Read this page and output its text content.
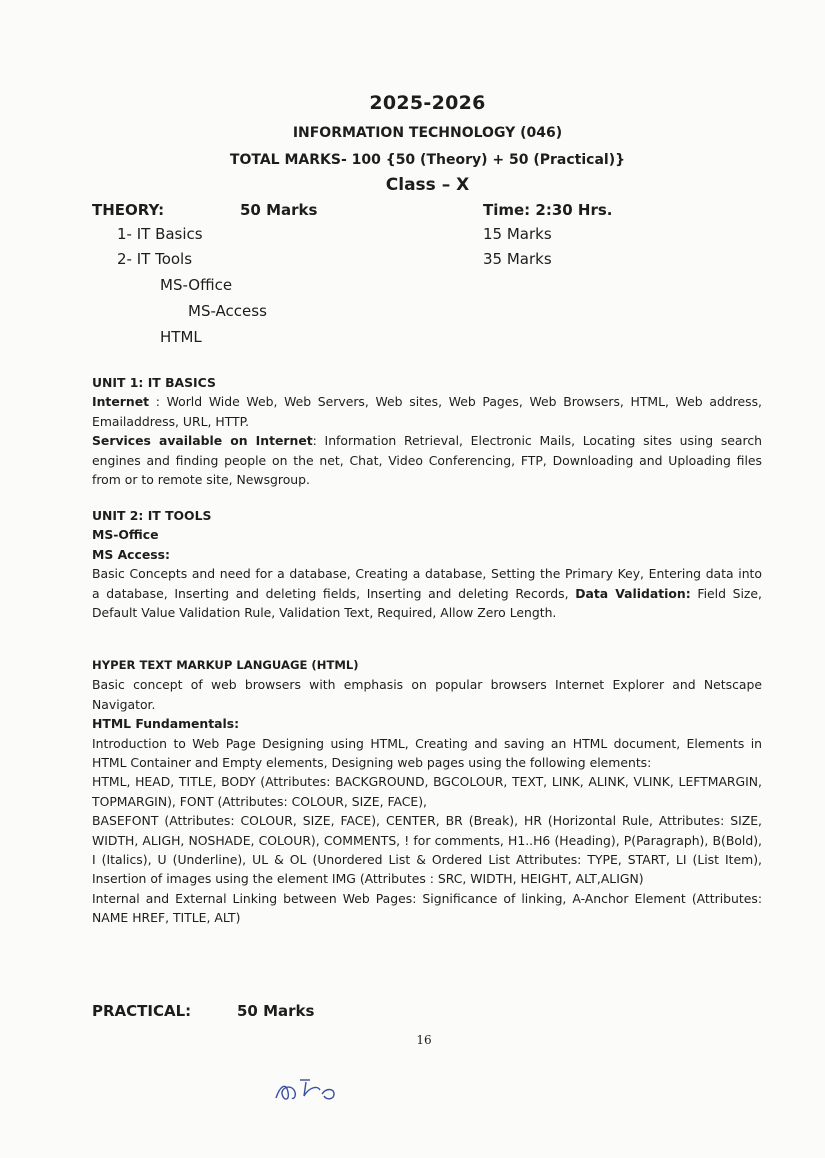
2025-2026
INFORMATION TECHNOLOGY (046)
TOTAL MARKS- 100 {50 (Theory) + 50 (Practical)}
Class – X
THEORY:	50 Marks	Time: 2:30 Hrs.
1- IT Basics	15 Marks
2- IT Tools	35 Marks
MS-Office
MS-Access
HTML

UNIT 1: IT BASICS

Internet : World Wide Web, Web Servers, Web sites, Web Pages, Web Browsers, HTML, Web address, Emailaddress, URL, HTTP.

Services available on Internet: Information Retrieval, Electronic Mails, Locating sites using search engines and finding people on the net, Chat, Video Conferencing, FTP, Downloading and Uploading files from or to remote site, Newsgroup.

UNIT 2: IT TOOLS

MS-Office

MS Access:

Basic Concepts and need for a database, Creating a database, Setting the Primary Key, Entering data into a database, Inserting and deleting fields, Inserting and deleting Records, Data Validation: Field Size, Default Value Validation Rule, Validation Text, Required, Allow Zero Length.

HYPER TEXT MARKUP LANGUAGE (HTML)

Basic concept of web browsers with emphasis on popular browsers Internet Explorer and Netscape Navigator.

HTML Fundamentals:

Introduction to Web Page Designing using HTML, Creating and saving an HTML document, Elements in HTML Container and Empty elements, Designing web pages using the following elements:

HTML, HEAD, TITLE, BODY (Attributes: BACKGROUND, BGCOLOUR, TEXT, LINK, ALINK, VLINK, LEFTMARGIN, TOPMARGIN), FONT (Attributes: COLOUR, SIZE, FACE),

BASEFONT (Attributes: COLOUR, SIZE, FACE), CENTER, BR (Break), HR (Horizontal Rule, Attributes: SIZE, WIDTH, ALIGH, NOSHADE, COLOUR), COMMENTS, ! for comments, H1..H6 (Heading), P(Paragraph), B(Bold), I (Italics), U (Underline), UL & OL (Unordered List & Ordered List Attributes: TYPE, START, LI (List Item), Insertion of images using the element IMG (Attributes : SRC, WIDTH, HEIGHT, ALT,ALIGN)

Internal and External Linking between Web Pages: Significance of linking, A-Anchor Element (Attributes: NAME HREF, TITLE, ALT)

PRACTICAL:	50 Marks
16
